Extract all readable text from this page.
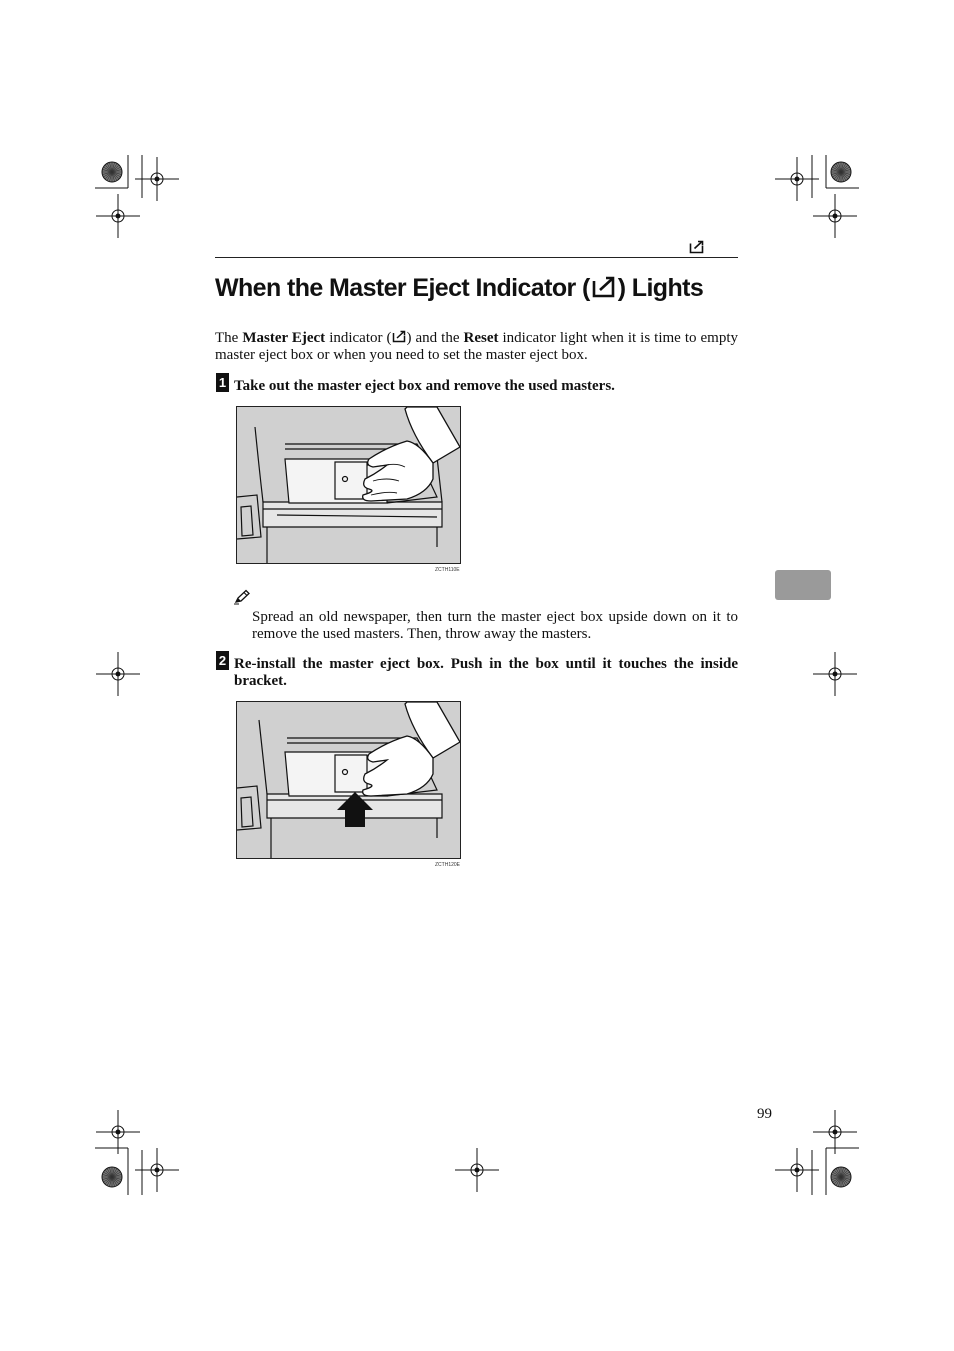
When the Master Eject Indicator ( ) Lights

The Master Eject indicator ( ) and the Reset indicator light when it is time to empty master eject box or when you need to set the master eject box.

1 Take out the master eject box and remove the used masters.

ZCTH110E

Spread an old newspaper, then turn the master eject box upside down on it to remove the used masters. Then, throw away the masters.

2 Re-install the master eject box. Push in the box until it touches the inside bracket.

ZCTH120E
99
